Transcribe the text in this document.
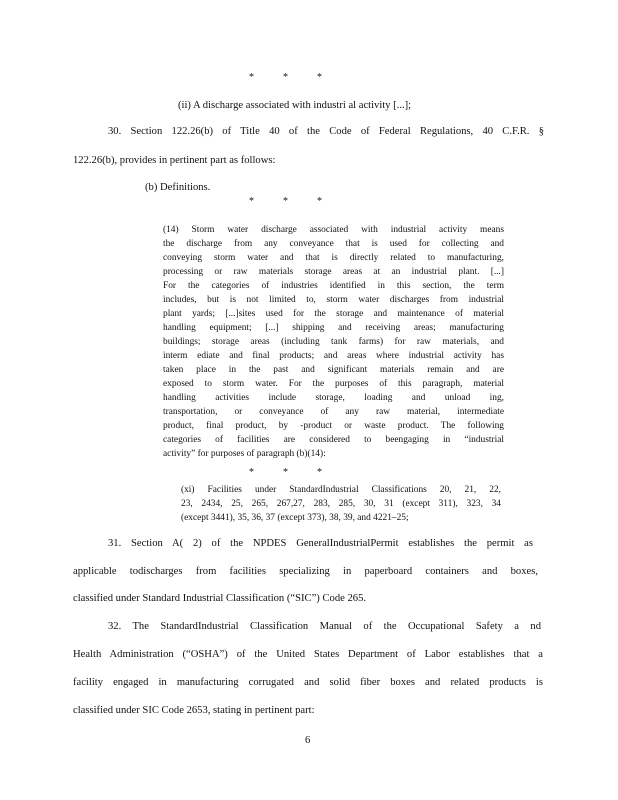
*	*	*
(ii) A discharge associated with industri al activity [...];
30. Section 122.26(b) of Title 40 of the Code of Federal Regulations, 40 C.F.R. §
122.26(b), provides in pertinent part as follows:
(b) Definitions.
*	*	*
(14) Storm water discharge associated with industrial activity means
the discharge from any conveyance that is used for collecting and
conveying storm water and that is directly related to manufacturing,
processing or raw materials storage areas at an industrial plant. [...]
For the categories of industries identified in this section, the term
includes, but is not limited to, storm water discharges from industrial
plant yards; [...]sites used for the storage and maintenance of material
handling equipment; [...] shipping and receiving areas; manufacturing
buildings; storage areas (including tank farms) for raw materials, and
interm ediate and final products; and areas where industrial activity has
taken place in the past and significant materials remain and are
exposed to storm water. For the purposes of this paragraph, material
handling activities include storage, loading and unload ing,
transportation, or conveyance of any raw material, intermediate
product, final product, by -product or waste product. The following
categories of facilities are considered to beengaging in “industrial
activity” for purposes of paragraph (b)(14):
*	*	*
(xi) Facilities under StandardIndustrial Classifications 20, 21, 22,
23, 2434, 25, 265, 267,27, 283, 285, 30, 31 (except 311), 323, 34
(except 3441), 35, 36, 37 (except 373), 38, 39, and 4221–25;
31. Section A( 2) of the NPDES GeneralIndustrialPermit establishes the permit as
applicable todischarges from facilities specializing in paperboard containers and boxes,
classified under Standard Industrial Classification (“SIC”) Code 265.
32. The StandardIndustrial Classification Manual of the Occupational Safety a nd
Health Administration (“OSHA”) of the United States Department of Labor establishes that a
facility engaged in manufacturing corrugated and solid fiber boxes and related products is
classified under SIC Code 2653, stating in pertinent part:
6
